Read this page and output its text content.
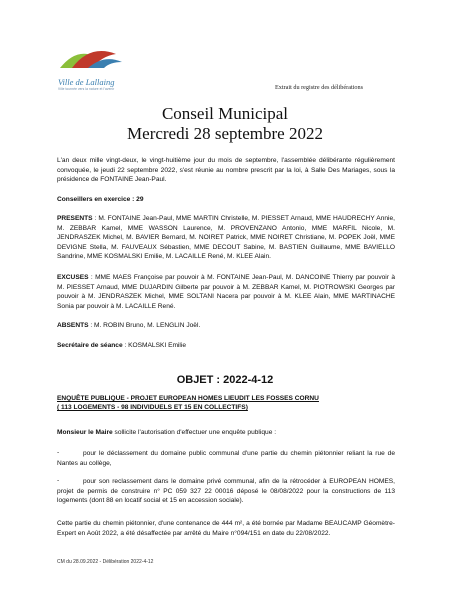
Ville de Lallaing
Ville tournée vers la nature et l'avenir	Extrait du registre des délibérations
Conseil Municipal
Mercredi 28 septembre 2022
L'an deux mille vingt-deux, le vingt-huitième jour du mois de septembre, l'assemblée délibérante régulièrement convoquée, le jeudi 22 septembre 2022, s'est réunie au nombre prescrit par la loi, à Salle Des Mariages, sous la présidence de FONTAINE Jean-Paul.
Conseillers en exercice : 29
PRESENTS : M. FONTAINE Jean-Paul, MME MARTIN Christelle, M. PIESSET Arnaud, MME HAUDRECHY Annie, M. ZEBBAR Kamel, MME WASSON Laurence, M. PROVENZANO Antonio, MME MARFIL Nicole, M. JENDRASZEK Michel, M. BAVIER Bernard, M. NOIRET Patrick, MME NOIRET Christiane, M. POPEK Joël, MME DEVIGNE Stella, M. FAUVEAUX Sébastien, MME DECOUT Sabine, M. BASTIEN Guillaume, MME BAVIELLO Sandrine, MME KOSMALSKI Emilie, M. LACAILLE René, M. KLEE Alain.
EXCUSES : MME MAES Françoise par pouvoir à M. FONTAINE Jean-Paul, M. DANCOINE Thierry par pouvoir à M. PIESSET Arnaud, MME DUJARDIN Gilberte par pouvoir à M. ZEBBAR Kamel, M. PIOTROWSKI Georges par pouvoir à M. JENDRASZEK Michel, MME SOLTANI Nacera par pouvoir à M. KLEE Alain, MME MARTINACHE Sonia par pouvoir à M. LACAILLE René.
ABSENTS : M. ROBIN Bruno, M. LENGLIN Joël.
Secrétaire de séance : KOSMALSKI Emilie
OBJET : 2022-4-12
ENQUÊTE PUBLIQUE - PROJET EUROPEAN HOMES LIEUDIT LES FOSSES CORNU
( 113 LOGEMENTS - 98 INDIVIDUELS ET 15 EN COLLECTIFS)
Monsieur le Maire sollicite l'autorisation d'effectuer une enquête publique :
-	pour le déclassement du domaine public communal d'une partie du chemin piétonnier reliant la rue de Nantes au collège,
-	pour son reclassement dans le domaine privé communal, afin de la rétrocéder à EUROPEAN HOMES, projet de permis de construire n° PC 059 327 22 00016 déposé le 08/08/2022 pour la constructions de 113 logements (dont 88 en locatif social et 15 en accession sociale).
Cette partie du chemin piétonnier, d'une contenance de 444 m², a été bornée par Madame BEAUCAMP Géomètre-Expert en Août 2022, a été désaffectée par arrêté du Maire n°094/151 en date du 22/08/2022.
CM du 28.09.2022 - Délibération 2022-4-12
